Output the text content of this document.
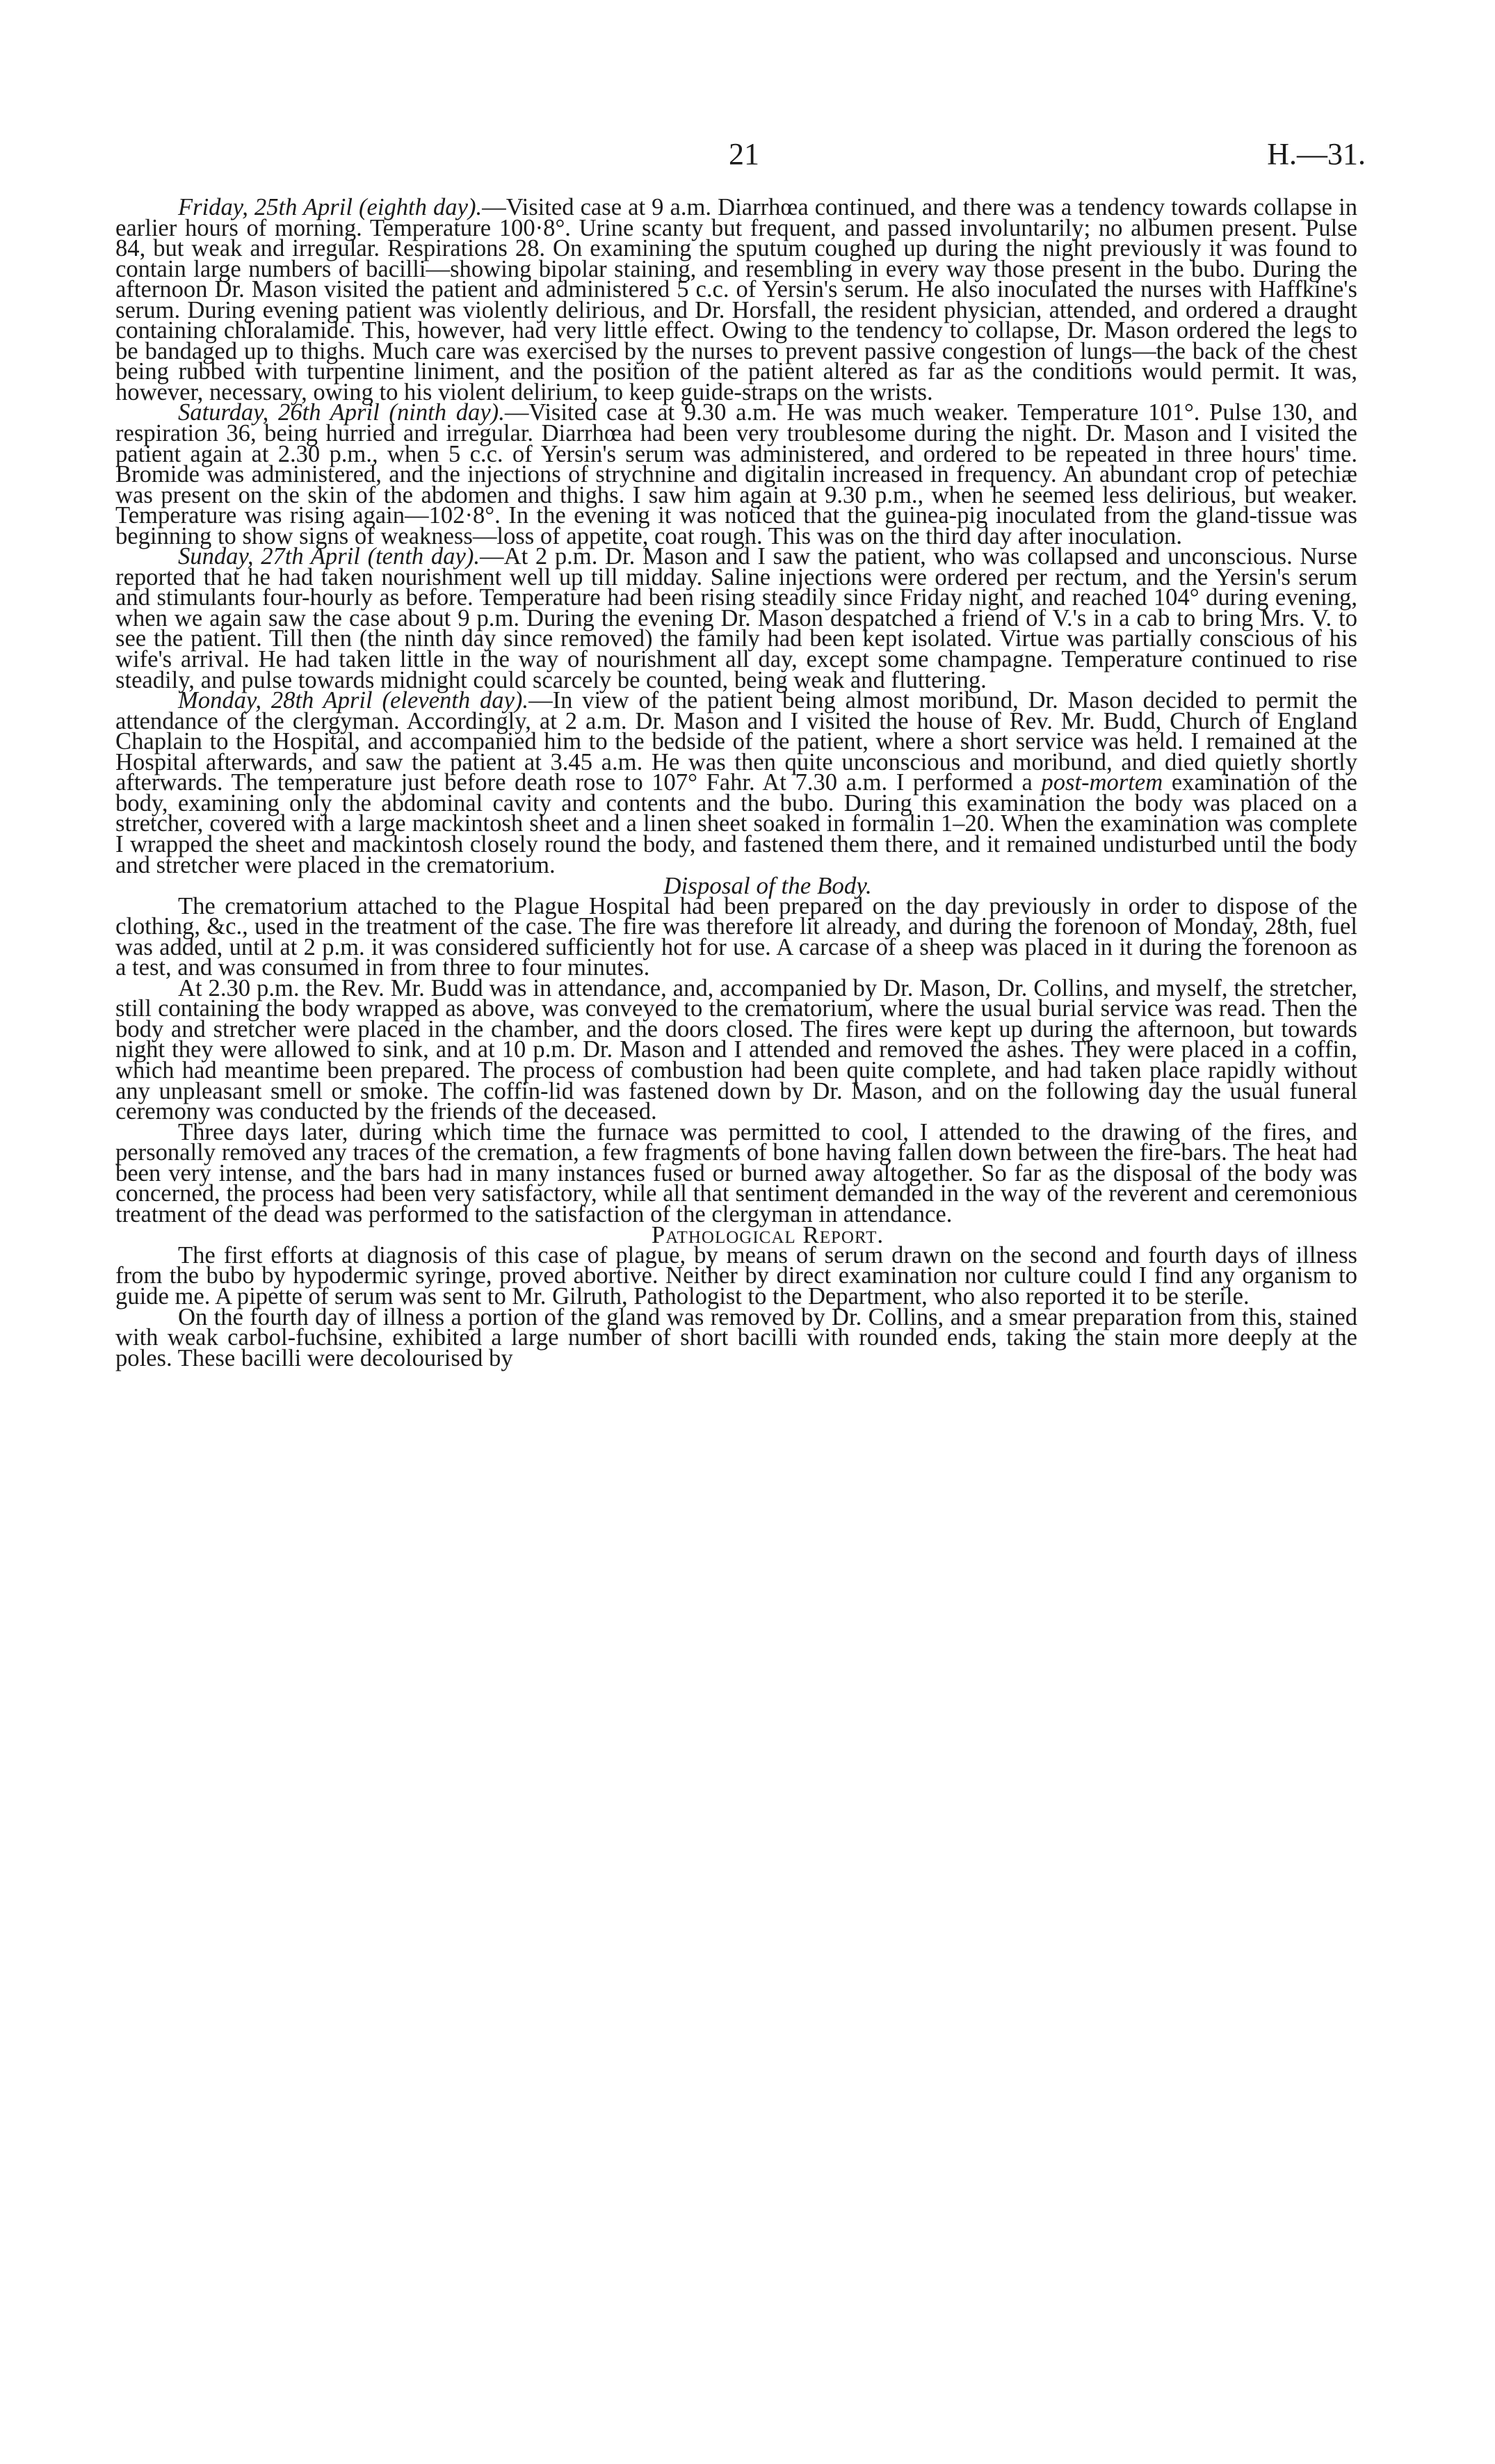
21	H.—31.

Friday, 25th April (eighth day).—Visited case at 9 a.m. Diarrhœa continued, and there was a tendency towards collapse in earlier hours of morning. Temperature 100·8°. Urine scanty but frequent, and passed involuntarily; no albumen present. Pulse 84, but weak and irregular. Respirations 28. On examining the sputum coughed up during the night previously it was found to contain large numbers of bacilli—showing bipolar staining, and resembling in every way those present in the bubo. During the afternoon Dr. Mason visited the patient and administered 5 c.c. of Yersin's serum. He also inoculated the nurses with Haffkine's serum. During evening patient was violently delirious, and Dr. Horsfall, the resident physician, attended, and ordered a draught containing chloralamide. This, however, had very little effect. Owing to the tendency to collapse, Dr. Mason ordered the legs to be bandaged up to thighs. Much care was exercised by the nurses to prevent passive congestion of lungs—the back of the chest being rubbed with turpentine liniment, and the position of the patient altered as far as the conditions would permit. It was, however, necessary, owing to his violent delirium, to keep guide-straps on the wrists.

Saturday, 26th April (ninth day).—Visited case at 9.30 a.m. He was much weaker. Temperature 101°. Pulse 130, and respiration 36, being hurried and irregular. Diarrhœa had been very troublesome during the night. Dr. Mason and I visited the patient again at 2.30 p.m., when 5 c.c. of Yersin's serum was administered, and ordered to be repeated in three hours' time. Bromide was administered, and the injections of strychnine and digitalin increased in frequency. An abundant crop of petechiæ was present on the skin of the abdomen and thighs. I saw him again at 9.30 p.m., when he seemed less delirious, but weaker. Temperature was rising again—102·8°. In the evening it was noticed that the guinea-pig inoculated from the gland-tissue was beginning to show signs of weakness—loss of appetite, coat rough. This was on the third day after inoculation.

Sunday, 27th April (tenth day).—At 2 p.m. Dr. Mason and I saw the patient, who was collapsed and unconscious. Nurse reported that he had taken nourishment well up till midday. Saline injections were ordered per rectum, and the Yersin's serum and stimulants four-hourly as before. Temperature had been rising steadily since Friday night, and reached 104° during evening, when we again saw the case about 9 p.m. During the evening Dr. Mason despatched a friend of V.'s in a cab to bring Mrs. V. to see the patient. Till then (the ninth day since removed) the family had been kept isolated. Virtue was partially conscious of his wife's arrival. He had taken little in the way of nourishment all day, except some champagne. Temperature continued to rise steadily, and pulse towards midnight could scarcely be counted, being weak and fluttering.

Monday, 28th April (eleventh day).—In view of the patient being almost moribund, Dr. Mason decided to permit the attendance of the clergyman. Accordingly, at 2 a.m. Dr. Mason and I visited the house of Rev. Mr. Budd, Church of England Chaplain to the Hospital, and accompanied him to the bedside of the patient, where a short service was held. I remained at the Hospital afterwards, and saw the patient at 3.45 a.m. He was then quite unconscious and moribund, and died quietly shortly afterwards. The temperature just before death rose to 107° Fahr. At 7.30 a.m. I performed a post-mortem examination of the body, examining only the abdominal cavity and contents and the bubo. During this examination the body was placed on a stretcher, covered with a large mackintosh sheet and a linen sheet soaked in formalin 1–20. When the examination was complete I wrapped the sheet and mackintosh closely round the body, and fastened them there, and it remained undisturbed until the body and stretcher were placed in the crematorium.

Disposal of the Body.

The crematorium attached to the Plague Hospital had been prepared on the day previously in order to dispose of the clothing, &c., used in the treatment of the case. The fire was therefore lit already, and during the forenoon of Monday, 28th, fuel was added, until at 2 p.m. it was considered sufficiently hot for use. A carcase of a sheep was placed in it during the forenoon as a test, and was consumed in from three to four minutes.

At 2.30 p.m. the Rev. Mr. Budd was in attendance, and, accompanied by Dr. Mason, Dr. Collins, and myself, the stretcher, still containing the body wrapped as above, was conveyed to the crematorium, where the usual burial service was read. Then the body and stretcher were placed in the chamber, and the doors closed. The fires were kept up during the afternoon, but towards night they were allowed to sink, and at 10 p.m. Dr. Mason and I attended and removed the ashes. They were placed in a coffin, which had meantime been prepared. The process of combustion had been quite complete, and had taken place rapidly without any unpleasant smell or smoke. The coffin-lid was fastened down by Dr. Mason, and on the following day the usual funeral ceremony was conducted by the friends of the deceased.

Three days later, during which time the furnace was permitted to cool, I attended to the drawing of the fires, and personally removed any traces of the cremation, a few fragments of bone having fallen down between the fire-bars. The heat had been very intense, and the bars had in many instances fused or burned away altogether. So far as the disposal of the body was concerned, the process had been very satisfactory, while all that sentiment demanded in the way of the reverent and ceremonious treatment of the dead was performed to the satisfaction of the clergyman in attendance.

Pathological Report.

The first efforts at diagnosis of this case of plague, by means of serum drawn on the second and fourth days of illness from the bubo by hypodermic syringe, proved abortive. Neither by direct examination nor culture could I find any organism to guide me. A pipette of serum was sent to Mr. Gilruth, Pathologist to the Department, who also reported it to be sterile.

On the fourth day of illness a portion of the gland was removed by Dr. Collins, and a smear preparation from this, stained with weak carbol-fuchsine, exhibited a large number of short bacilli with rounded ends, taking the stain more deeply at the poles. These bacilli were decolourised by
